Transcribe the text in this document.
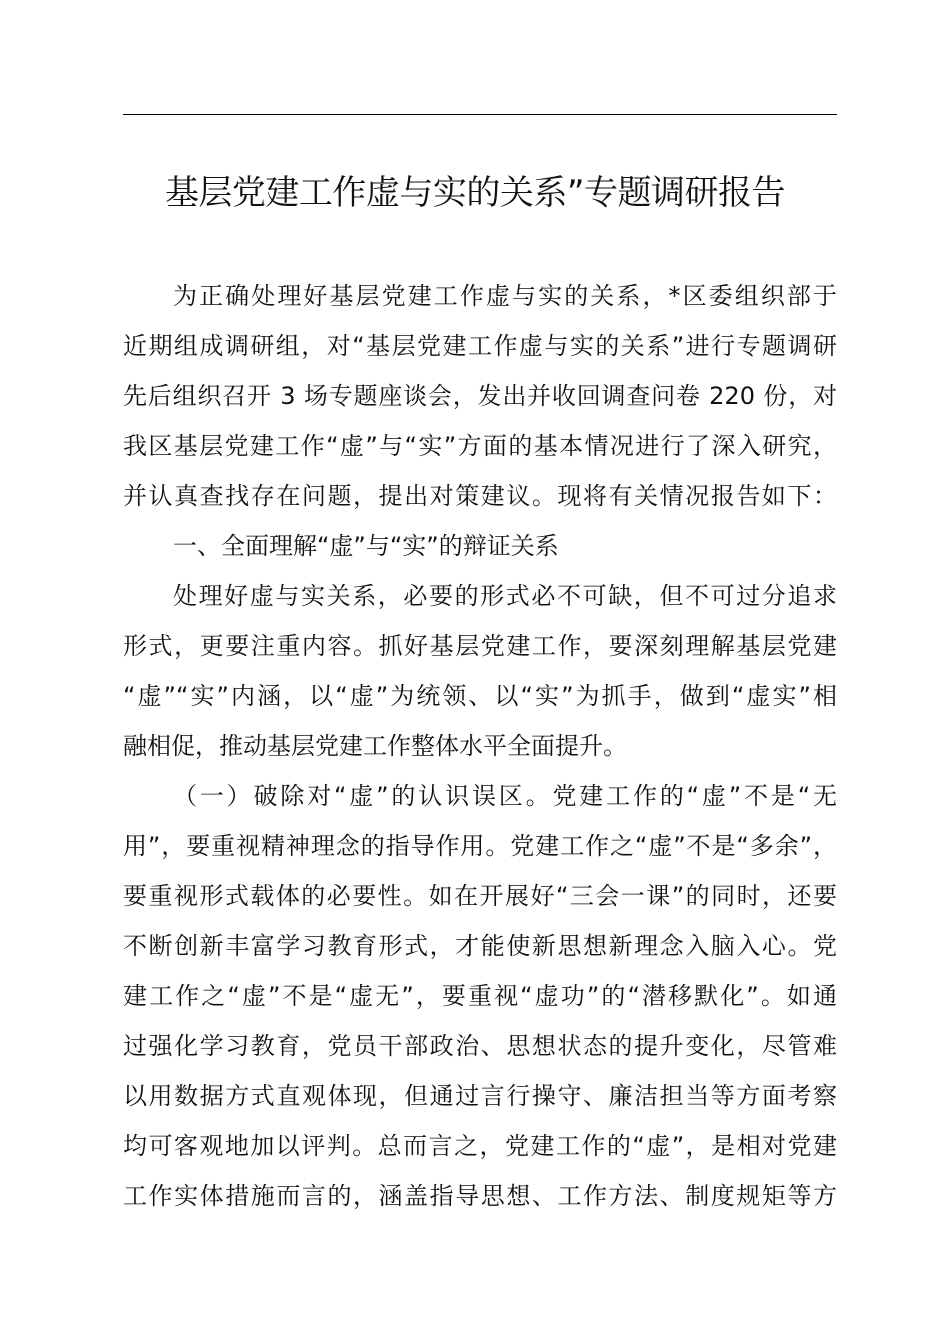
基层党建工作虚与实的关系”专题调研报告
为正确处理好基层党建工作虚与实的关系，*区委组织部于
近期组成调研组，对“基层党建工作虚与实的关系”进行专题调研
先后组织召开 3 场专题座谈会，发出并收回调查问卷 220 份，对
我区基层党建工作“虚”与“实”方面的基本情况进行了深入研究，
并认真查找存在问题，提出对策建议。现将有关情况报告如下：
一、全面理解“虚”与“实”的辩证关系
处理好虚与实关系，必要的形式必不可缺，但不可过分追求
形式，更要注重内容。抓好基层党建工作，要深刻理解基层党建
“虚”“实”内涵，以“虚”为统领、以“实”为抓手，做到“虚实”相
融相促，推动基层党建工作整体水平全面提升。
（一）破除对“虚”的认识误区。党建工作的“虚”不是“无
用”，要重视精神理念的指导作用。党建工作之“虚”不是“多余”，
要重视形式载体的必要性。如在开展好“三会一课”的同时，还要
不断创新丰富学习教育形式，才能使新思想新理念入脑入心。党
建工作之“虚”不是“虚无”，要重视“虚功”的“潜移默化”。如通
过强化学习教育，党员干部政治、思想状态的提升变化，尽管难
以用数据方式直观体现，但通过言行操守、廉洁担当等方面考察
均可客观地加以评判。总而言之，党建工作的“虚”，是相对党建
工作实体措施而言的，涵盖指导思想、工作方法、制度规矩等方
